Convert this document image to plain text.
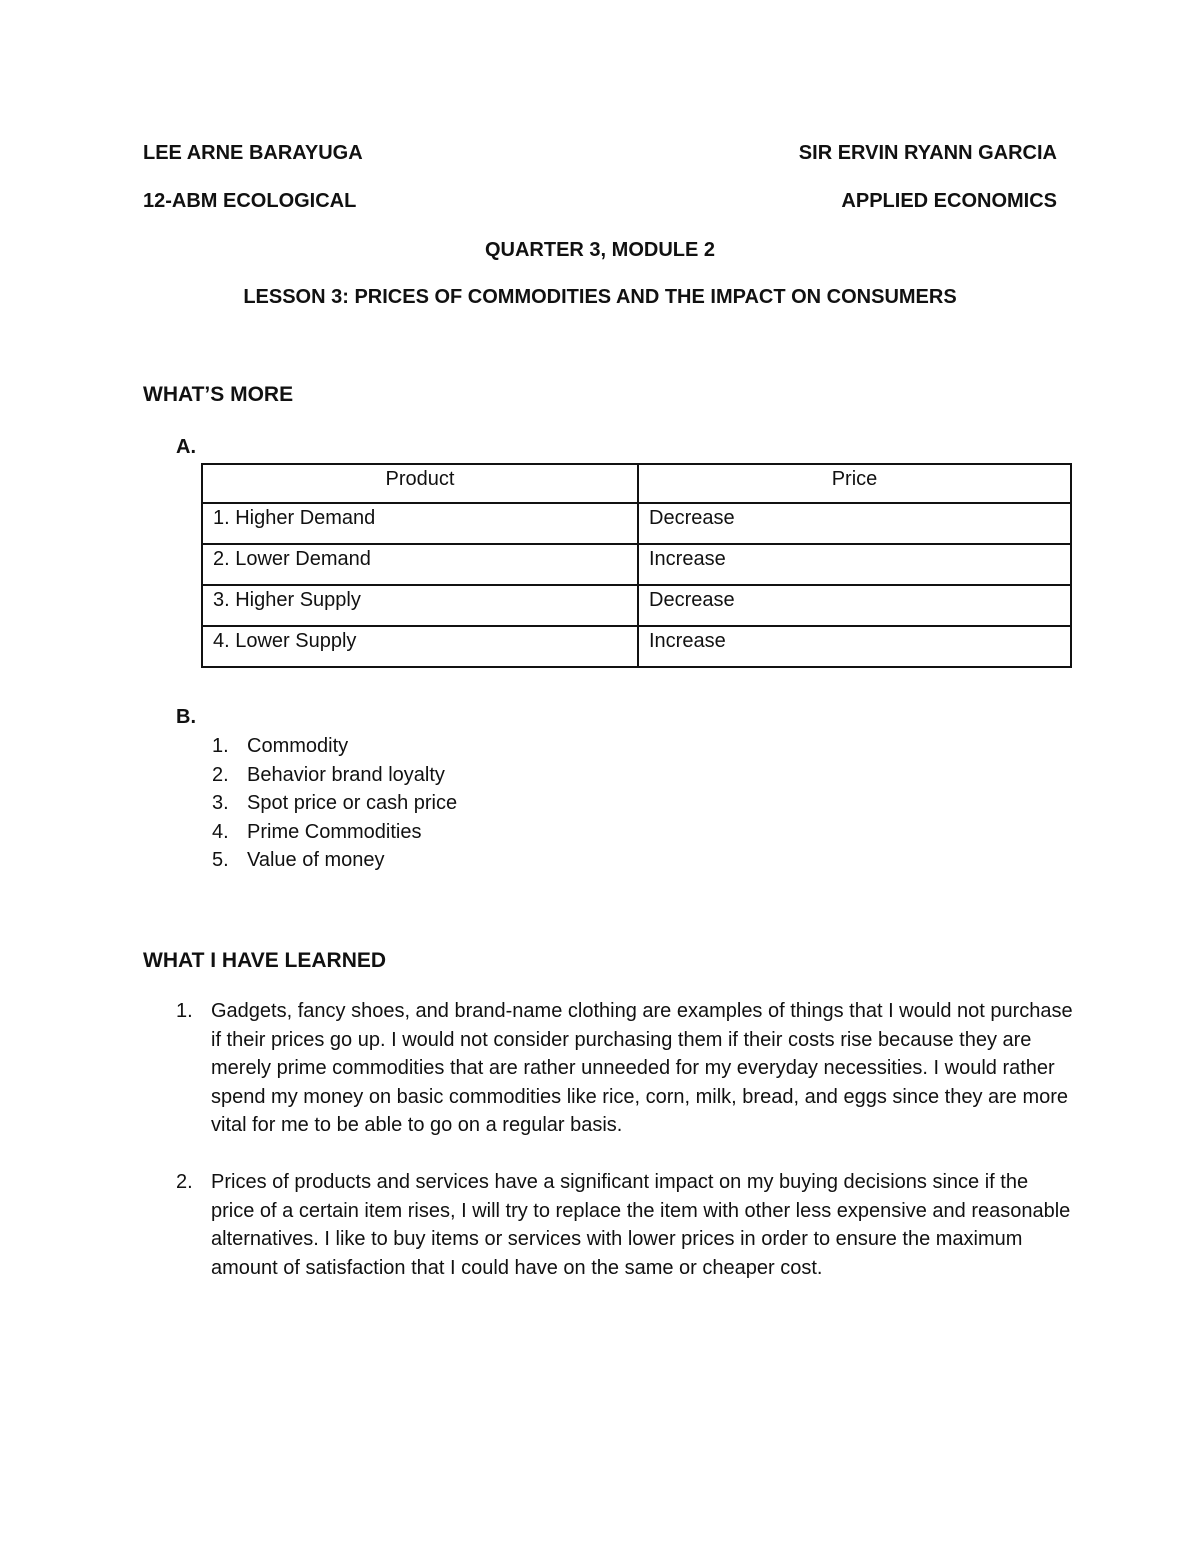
LEE ARNE BARAYUGA	SIR ERVIN RYANN GARCIA
12-ABM ECOLOGICAL	APPLIED ECONOMICS
QUARTER 3, MODULE 2
LESSON 3: PRICES OF COMMODITIES AND THE IMPACT ON CONSUMERS
WHAT’S MORE
A.
Product	Price
1. Higher Demand	Decrease
2. Lower Demand	Increase
3. Higher Supply	Decrease
4. Lower Supply	Increase
B.
1. Commodity
2. Behavior brand loyalty
3. Spot price or cash price
4. Prime Commodities
5. Value of money
WHAT I HAVE LEARNED
1. Gadgets, fancy shoes, and brand-name clothing are examples of things that I would not purchase if their prices go up. I would not consider purchasing them if their costs rise because they are merely prime commodities that are rather unneeded for my everyday necessities. I would rather spend my money on basic commodities like rice, corn, milk, bread, and eggs since they are more vital for me to be able to go on a regular basis.
2. Prices of products and services have a significant impact on my buying decisions since if the price of a certain item rises, I will try to replace the item with other less expensive and reasonable alternatives. I like to buy items or services with lower prices in order to ensure the maximum amount of satisfaction that I could have on the same or cheaper cost.
